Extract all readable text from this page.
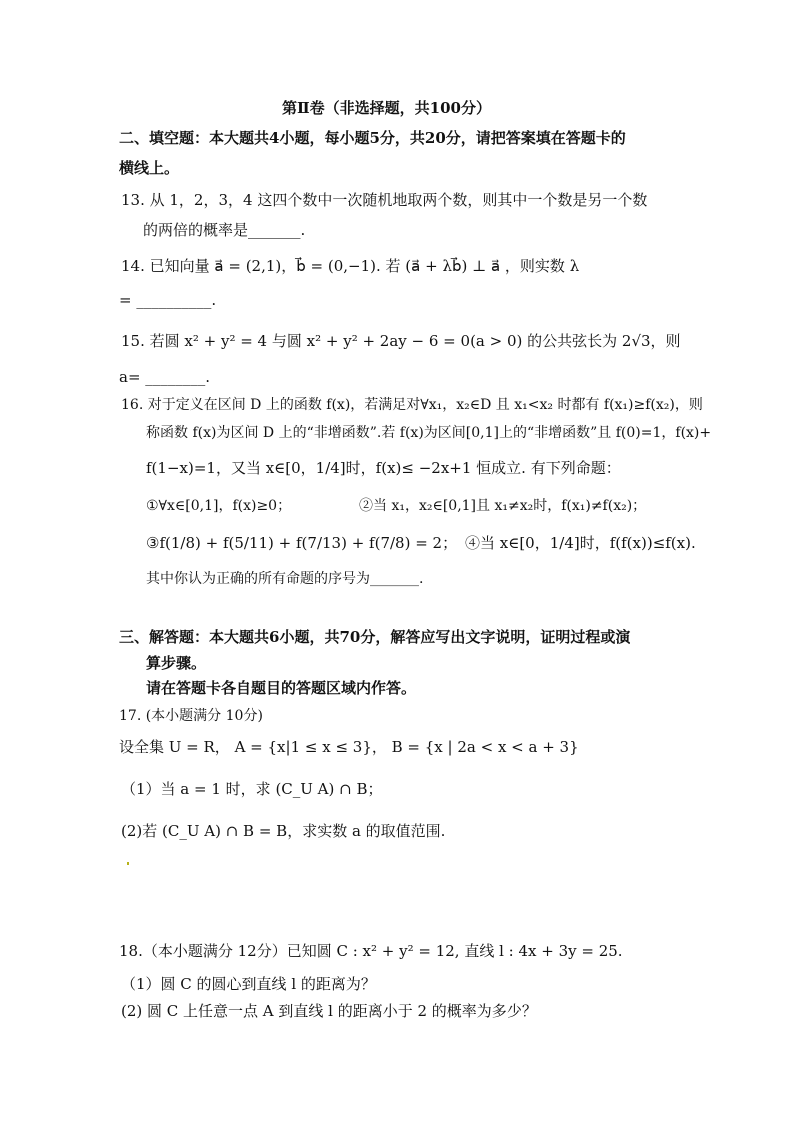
第Ⅱ卷（非选择题，共100分）
二、填空题：本大题共4小题，每小题5分，共20分，请把答案填在答题卡的
横线上。
13. 从 1，2，3，4 这四个数中一次随机地取两个数，则其中一个数是另一个数
的两倍的概率是_______.
14. 已知向量 a⃗ = (2,1)，b⃗ = (0,−1). 若 (a⃗ + λb⃗) ⊥ a⃗ ，则实数 λ
= __________.
15. 若圆 x² + y² = 4 与圆 x² + y² + 2ay − 6 = 0(a > 0) 的公共弦长为 2√3，则
a= ________.
16. 对于定义在区间 D 上的函数 f(x)，若满足对∀x₁，x₂∈D 且 x₁<x₂ 时都有 f(x₁)≥f(x₂)，则
称函数 f(x)为区间 D 上的“非增函数”.若 f(x)为区间[0,1]上的“非增函数”且 f(0)=1，f(x)+
f(1−x)=1，又当 x∈[0，1/4]时，f(x)≤ −2x+1 恒成立. 有下列命题：
①∀x∈[0,1]，f(x)≥0；	②当 x₁，x₂∈[0,1]且 x₁≠x₂时，f(x₁)≠f(x₂)；
③f(1/8) + f(5/11) + f(7/13) + f(7/8) = 2； ④当 x∈[0，1/4]时，f(f(x))≤f(x).
其中你认为正确的所有命题的序号为_______.
三、解答题：本大题共6小题，共70分，解答应写出文字说明，证明过程或演
算步骤。
请在答题卡各自题目的答题区域内作答。
17. (本小题满分 10分)
设全集 U = R， A = {x|1 ≤ x ≤ 3}， B = {x | 2a < x < a + 3}
（1）当 a = 1 时，求 (C_U A) ∩ B；
(2)若 (C_U A) ∩ B = B，求实数 a 的取值范围.
18.（本小题满分 12分）已知圆 C : x² + y² = 12, 直线 l : 4x + 3y = 25.
（1）圆 C 的圆心到直线 l 的距离为？
(2) 圆 C 上任意一点 A 到直线 l 的距离小于 2 的概率为多少？
